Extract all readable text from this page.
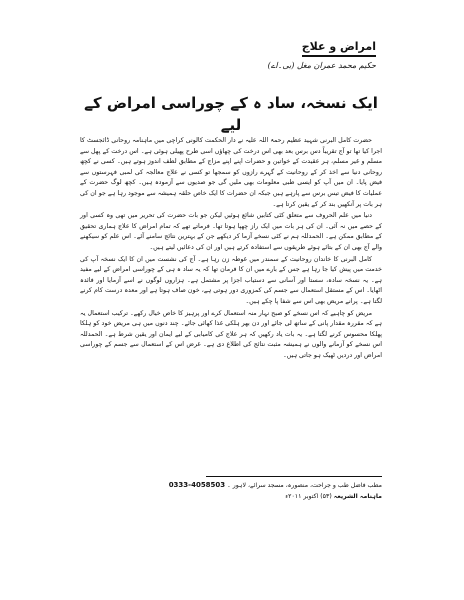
امراض و علاج
حکیم محمد عمران مغل (بی۔اے)
ایک نسخہ، ساد ہ کے چوراسی امراض کے لیے

حضرت کامل البرنی شہید عظیم رحمۃ اللہ علیہ نے دار الحکمت کالونی کراچی میں ماہنامہ روحانی ڈائجسٹ کا اجرا کیا تھا تو آج تقریباً دس برس بعد بھی اس درخت کی چھاؤں اسی طرح پھیلی ہوئی ہے۔ اس درخت کے پھل سے مسلم و غیر مسلم، ہر عقیدت کے خواتین و حضرات اپنے اپنے مزاج کے مطابق لطف اندوز ہوتے ہیں۔ کسی نے کچھ روحانی دنیا سے اخذ کر کے روحانیت کے گہرے رازوں کو سمجھا تو کسی نے علاج معالجہ کی لمبی فہرستوں سے فیض پایا۔ ان میں آپ کو ایسی طبی معلومات بھی ملیں گی جو صدیوں سے آزمودہ ہیں۔ کچھ لوگ حضرت کے عملیات کا فیض تیس برس سے پارہے ہیں جبکہ ان حضرات کا ایک خاص حلقہ ہمیشہ سے موجود رہا ہے جو ان کی ہر بات پر آنکھیں بند کر کے یقین کرتا ہے۔

دنیا میں علم الحروف سے متعلق کئی کتابیں شائع ہوئیں لیکن جو بات حضرت کی تحریر میں تھی وہ کسی اور کے حصے میں نہ آئی۔ ان کی ہر بات میں ایک راز چھپا ہوتا تھا۔ فرماتے تھے کہ تمام امراض کا علاج ہماری تحقیق کے مطابق ممکن ہے۔ الحمدللہ ہم نے کئی نسخے آزما کر دیکھے جن کے بہترین نتائج سامنے آئے۔ اس علم کو سیکھنے والے آج بھی ان کے بتائے ہوئے طریقوں سے استفادہ کرتے ہیں اور ان کی دعائیں لیتے ہیں۔

کامل البرنی کا خاندان روحانیت کے سمندر میں غوطہ زن رہا ہے۔ آج کی نشست میں ان کا ایک نسخہ آپ کی خدمت میں پیش کیا جا رہا ہے جس کے بارے میں ان کا فرمان تھا کہ یہ ساد ہ ہی کے چوراسی امراض کے لیے مفید ہے۔ یہ نسخہ سادہ، سستا اور آسانی سے دستیاب اجزا پر مشتمل ہے۔ ہزاروں لوگوں نے اسے آزمایا اور فائدہ اٹھایا۔ اس کے مستقل استعمال سے جسم کی کمزوری دور ہوتی ہے، خون صاف ہوتا ہے اور معدہ درست کام کرنے لگتا ہے۔ پرانے مریض بھی اس سے شفا پا چکے ہیں۔

مریض کو چاہیے کہ اس نسخے کو صبح نہار منہ استعمال کرے اور پرہیز کا خاص خیال رکھے۔ ترکیب استعمال یہ ہے کہ مقررہ مقدار پانی کے ساتھ لی جائے اور دن بھر ہلکی غذا کھائی جائے۔ چند دنوں میں ہی مریض خود کو ہلکا پھلکا محسوس کرنے لگتا ہے۔ یہ بات یاد رکھیں کہ ہر علاج کی کامیابی کے لیے ایمان اور یقین شرط ہے۔ الحمدللہ اس نسخے کو آزمانے والوں نے ہمیشہ مثبت نتائج کی اطلاع دی ہے۔ غرض اس کے استعمال سے جسم کے چوراسی امراض اور دردیں ٹھیک ہو جاتی ہیں۔

مطب فاضل طب و جراحت، منصورہ، مسجد سرائے، لاہور ۔ 0333-4058503
ماہنامہ الشریعہ (۵۳) اکتوبر ۲۰۱۱ء
